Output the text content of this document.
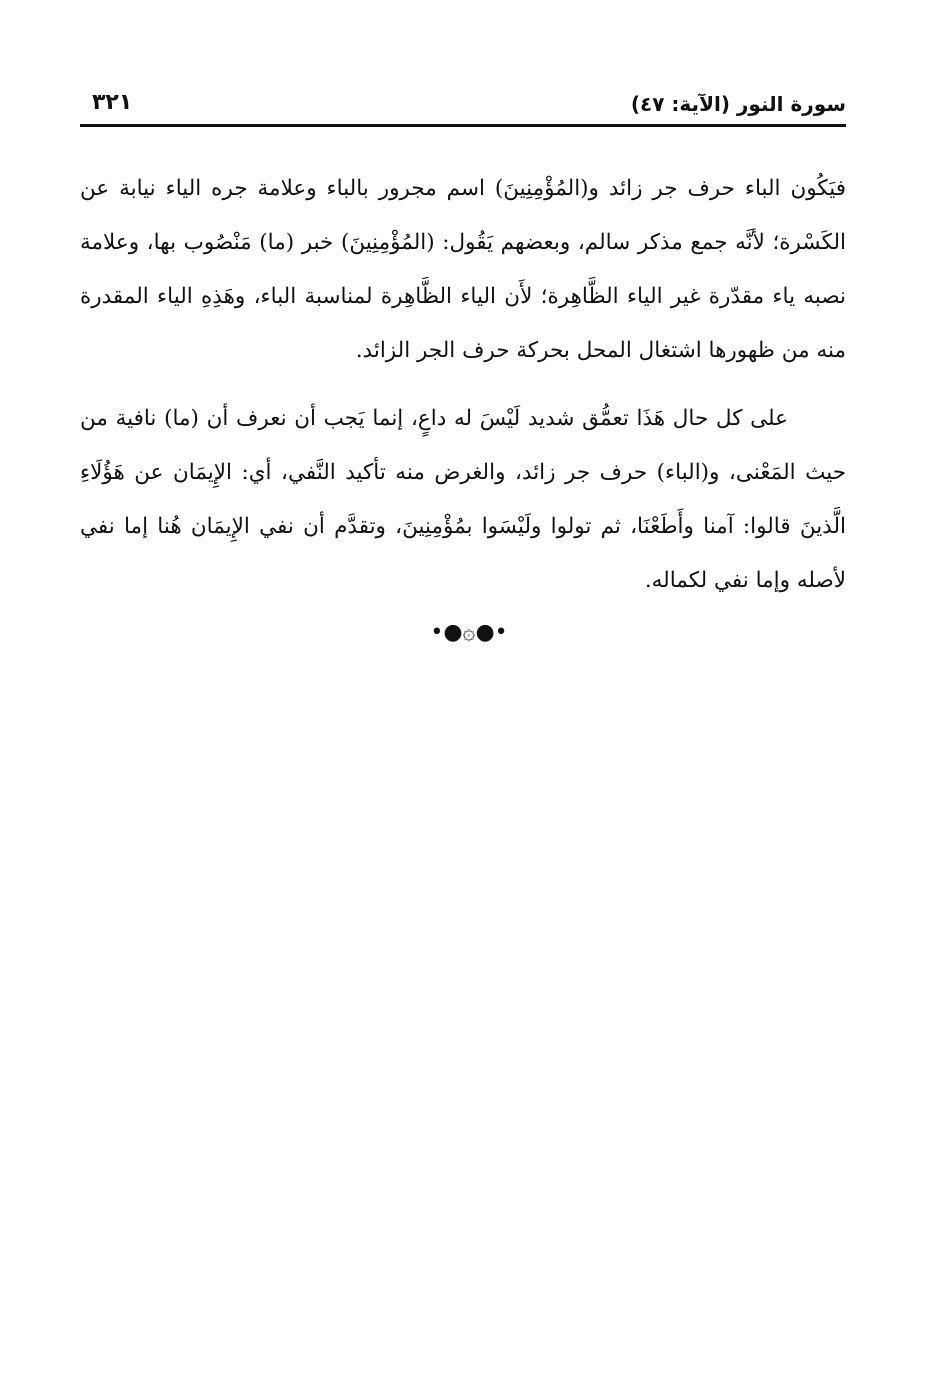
سورة النور (الآية: ٤٧)
٣٢١

فيَكُون الباء حرف جر زائد و(المُؤْمِنِينَ) اسم مجرور بالباء وعلامة جره الياء نيابة عن الكَسْرة؛ لأنَّه جمع مذكر سالم، وبعضهم يَقُول: (المُؤْمِنِينَ) خبر (ما) مَنْصُوب بها، وعلامة نصبه ياء مقدّرة غير الياء الظَّاهِرة؛ لأَن الياء الظَّاهِرة لمناسبة الباء، وهَذِهِ الياء المقدرة منه من ظهورها اشتغال المحل بحركة حرف الجر الزائد.

على كل حال هَذَا تعمُّق شديد لَيْسَ له داعٍ، إنما يَجب أن نعرف أن (ما) نافية من حيث المَعْنى، و(الباء) حرف جر زائد، والغرض منه تأكيد النَّفي، أي: الإِيمَان عن هَؤُلَاءِ الَّذينَ قالوا: آمنا وأَطَعْنَا، ثم تولوا ولَيْسَوا بمُؤْمِنِينَ، وتقدَّم أن نفي الإِيمَان هُنا إما نفي لأصله وإما نفي لكماله.

•●۞●•
